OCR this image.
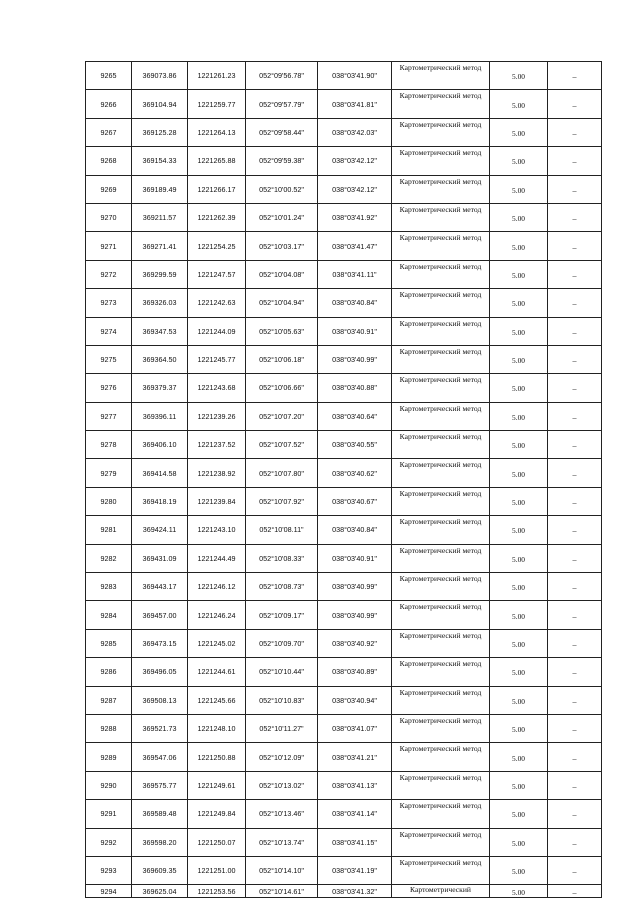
9265	369073.86	1221261.23	052°09'56.78"	038°03'41.90"	Картометрический метод	5.00	–
9266	369104.94	1221259.77	052°09'57.79"	038°03'41.81"	Картометрический метод	5.00	–
9267	369125.28	1221264.13	052°09'58.44"	038°03'42.03"	Картометрический метод	5.00	–
9268	369154.33	1221265.88	052°09'59.38"	038°03'42.12"	Картометрический метод	5.00	–
9269	369189.49	1221266.17	052°10'00.52"	038°03'42.12"	Картометрический метод	5.00	–
9270	369211.57	1221262.39	052°10'01.24"	038°03'41.92"	Картометрический метод	5.00	–
9271	369271.41	1221254.25	052°10'03.17"	038°03'41.47"	Картометрический метод	5.00	–
9272	369299.59	1221247.57	052°10'04.08"	038°03'41.11"	Картометрический метод	5.00	–
9273	369326.03	1221242.63	052°10'04.94"	038°03'40.84"	Картометрический метод	5.00	–
9274	369347.53	1221244.09	052°10'05.63"	038°03'40.91"	Картометрический метод	5.00	–
9275	369364.50	1221245.77	052°10'06.18"	038°03'40.99"	Картометрический метод	5.00	–
9276	369379.37	1221243.68	052°10'06.66"	038°03'40.88"	Картометрический метод	5.00	–
9277	369396.11	1221239.26	052°10'07.20"	038°03'40.64"	Картометрический метод	5.00	–
9278	369406.10	1221237.52	052°10'07.52"	038°03'40.55"	Картометрический метод	5.00	–
9279	369414.58	1221238.92	052°10'07.80"	038°03'40.62"	Картометрический метод	5.00	–
9280	369418.19	1221239.84	052°10'07.92"	038°03'40.67"	Картометрический метод	5.00	–
9281	369424.11	1221243.10	052°10'08.11"	038°03'40.84"	Картометрический метод	5.00	–
9282	369431.09	1221244.49	052°10'08.33"	038°03'40.91"	Картометрический метод	5.00	–
9283	369443.17	1221246.12	052°10'08.73"	038°03'40.99"	Картометрический метод	5.00	–
9284	369457.00	1221246.24	052°10'09.17"	038°03'40.99"	Картометрический метод	5.00	–
9285	369473.15	1221245.02	052°10'09.70"	038°03'40.92"	Картометрический метод	5.00	–
9286	369496.05	1221244.61	052°10'10.44"	038°03'40.89"	Картометрический метод	5.00	–
9287	369508.13	1221245.66	052°10'10.83"	038°03'40.94"	Картометрический метод	5.00	–
9288	369521.73	1221248.10	052°10'11.27"	038°03'41.07"	Картометрический метод	5.00	–
9289	369547.06	1221250.88	052°10'12.09"	038°03'41.21"	Картометрический метод	5.00	–
9290	369575.77	1221249.61	052°10'13.02"	038°03'41.13"	Картометрический метод	5.00	–
9291	369589.48	1221249.84	052°10'13.46"	038°03'41.14"	Картометрический метод	5.00	–
9292	369598.20	1221250.07	052°10'13.74"	038°03'41.15"	Картометрический метод	5.00	–
9293	369609.35	1221251.00	052°10'14.10"	038°03'41.19"	Картометрический метод	5.00	–
9294	369625.04	1221253.56	052°10'14.61"	038°03'41.32"	Картометрический	5.00	–
